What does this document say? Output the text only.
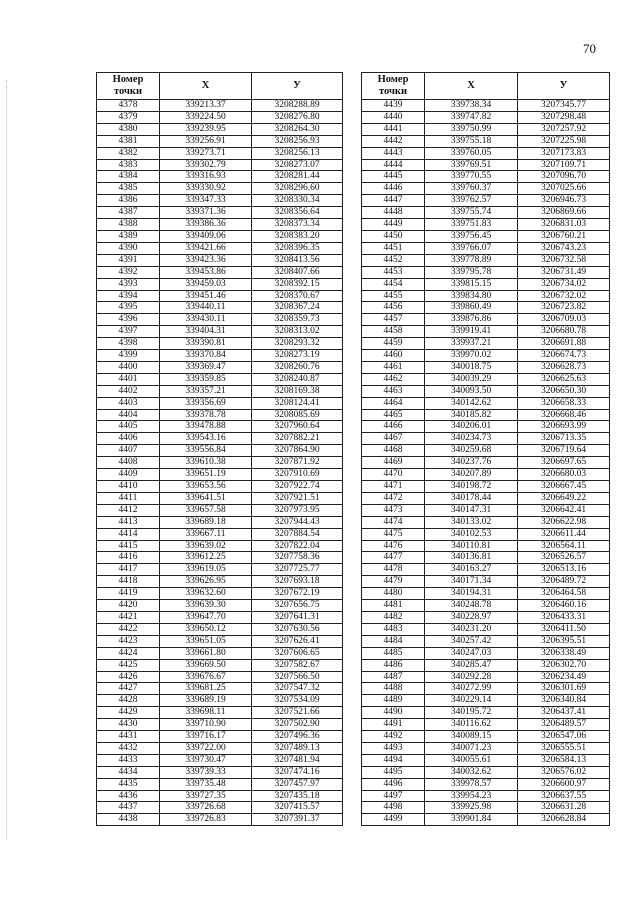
70
Номер
точки	X	У
4378	339213.37	3208288.89
4379	339224.50	3208276.80
4380	339239.95	3208264.30
4381	339256.91	3208256.93
4382	339273.71	3208256.13
4383	339302.79	3208273.07
4384	339316.93	3208281.44
4385	339330.92	3208296.60
4386	339347.33	3208330.34
4387	339371.36	3208356.64
4388	339386.36	3208373.34
4389	339409.06	3208383.20
4390	339421.66	3208396.35
4391	339423.36	3208413.56
4392	339453.86	3208407.66
4393	339459.03	3208392.15
4394	339451.46	3208370.67
4395	339440.11	3208367.24
4396	339430.11	3208359.73
4397	339404.31	3208313.02
4398	339390.81	3208293.32
4399	339370.84	3208273.19
4400	339369.47	3208260.76
4401	339359.85	3208240.87
4402	339357.21	3208169.38
4403	339356.69	3208124.41
4404	339378.78	3208085.69
4405	339478.88	3207960.64
4406	339543.16	3207882.21
4407	339556.84	3207864.90
4408	339610.38	3207871.92
4409	339651.19	3207910.69
4410	339653.56	3207922.74
4411	339641.51	3207921.51
4412	339657.58	3207973.95
4413	339689.18	3207944.43
4414	339667.11	3207884.54
4415	339639.02	3207822.04
4416	339612.25	3207758.36
4417	339619.05	3207725.77
4418	339626.95	3207693.18
4419	339632.60	3207672.19
4420	339639.30	3207656.75
4421	339647.70	3207641.31
4422	339650.12	3207630.56
4423	339651.05	3207626.41
4424	339661.80	3207606.65
4425	339669.50	3207582.67
4426	339676.67	3207566.50
4427	339681.25	3207547.32
4428	339689.19	3207534.09
4429	339698.11	3207521.66
4430	339710.90	3207502.90
4431	339716.17	3207496.36
4432	339722.00	3207489.13
4433	339730.47	3207481.94
4434	339739.33	3207474.16
4435	339735.48	3207457.97
4436	339727.35	3207435.18
4437	339726.68	3207415.57
4438	339726.83	3207391.37
Номер
точки	X	У
4439	339738.34	3207345.77
4440	339747.82	3207298.48
4441	339750.99	3207257.92
4442	339755.18	3207225.98
4443	339760.05	3207173.83
4444	339769.51	3207109.71
4445	339770.55	3207096.70
4446	339760.37	3207025.66
4447	339762.57	3206946.73
4448	339755.74	3206869.66
4449	339751.83	3206831.03
4450	339756.45	3206760.21
4451	339766.07	3206743.23
4452	339778.89	3206732.58
4453	339795.78	3206731.49
4454	339815.15	3206734.02
4455	339834.80	3206732.02
4456	339860.49	3206723.82
4457	339876.86	3206709.03
4458	339919.41	3206680.78
4459	339937.21	3206691.88
4460	339970.02	3206674.73
4461	340018.75	3206628.73
4462	340039.29	3206625.63
4463	340093.50	3206650.30
4464	340142.62	3206658.33
4465	340185.82	3206668.46
4466	340206.01	3206693.99
4467	340234.73	3206713.35
4468	340259.68	3206719.64
4469	340237.76	3206697.65
4470	340207.89	3206680.03
4471	340198.72	3206667.45
4472	340178.44	3206649.22
4473	340147.31	3206642.41
4474	340133.02	3206622.98
4475	340102.53	3206611.44
4476	340110.81	3206564.11
4477	340136.81	3206526.57
4478	340163.27	3206513.16
4479	340171.34	3206489.72
4480	340194.31	3206464.58
4481	340248.78	3206460.16
4482	340228.97	3206433.31
4483	340231.20	3206411.50
4484	340257.42	3206395.51
4485	340247.03	3206338.49
4486	340285.47	3206302.70
4487	340292.28	3206234.49
4488	340272.99	3206301.69
4489	340229.14	3206340.84
4490	340195.72	3206437.41
4491	340116.62	3206489.57
4492	340089.15	3206547.06
4493	340071.23	3206555.51
4494	340055.61	3206584.13
4495	340032.62	3206576.02
4496	339978.57	3206600.97
4497	339954.23	3206637.55
4498	339925.98	3206631.28
4499	339901.84	3206628.84
